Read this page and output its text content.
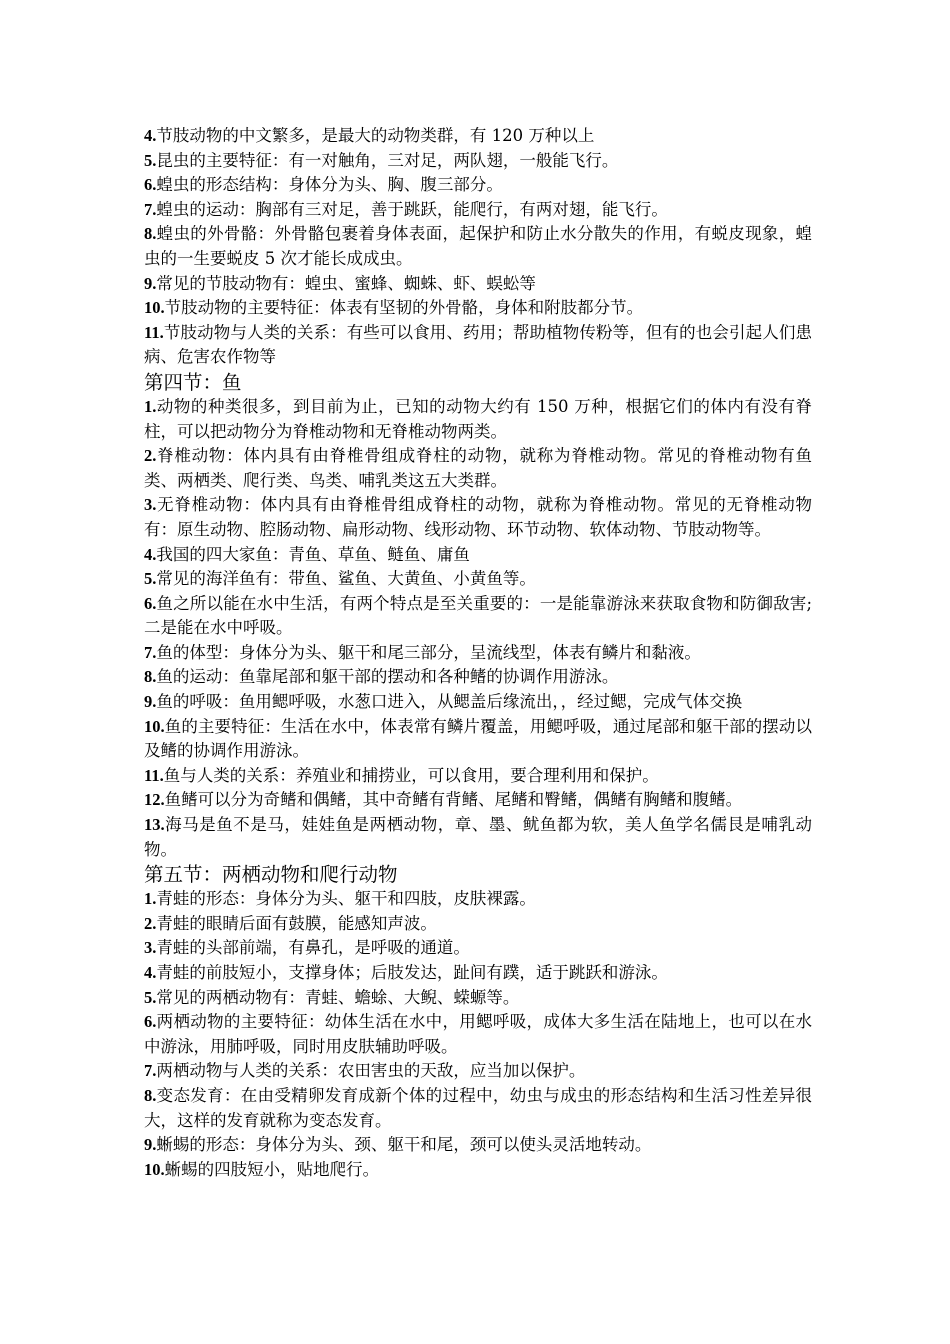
4.节肢动物的中文繁多，是最大的动物类群，有 120 万种以上

5.昆虫的主要特征：有一对触角，三对足，两队翅，一般能飞行。

6.蝗虫的形态结构：身体分为头、胸、腹三部分。

7.蝗虫的运动：胸部有三对足，善于跳跃，能爬行，有两对翅，能飞行。

8.蝗虫的外骨骼：外骨骼包裹着身体表面，起保护和防止水分散失的作用，有蜕皮现象，蝗虫的一生要蜕皮 5 次才能长成成虫。

9.常见的节肢动物有：蝗虫、蜜蜂、蜘蛛、虾、蜈蚣等

10.节肢动物的主要特征：体表有坚韧的外骨骼，身体和附肢都分节。

11.节肢动物与人类的关系：有些可以食用、药用；帮助植物传粉等，但有的也会引起人们患病、危害农作物等

第四节：鱼

1.动物的种类很多，到目前为止，已知的动物大约有 150 万种，根据它们的体内有没有脊柱，可以把动物分为脊椎动物和无脊椎动物两类。

2.脊椎动物：体内具有由脊椎骨组成脊柱的动物，就称为脊椎动物。常见的脊椎动物有鱼类、两栖类、爬行类、鸟类、哺乳类这五大类群。

3.无脊椎动物：体内具有由脊椎骨组成脊柱的动物，就称为脊椎动物。常见的无脊椎动物有：原生动物、腔肠动物、扁形动物、线形动物、环节动物、软体动物、节肢动物等。

4.我国的四大家鱼：青鱼、草鱼、鲢鱼、庸鱼

5.常见的海洋鱼有：带鱼、鲨鱼、大黄鱼、小黄鱼等。

6.鱼之所以能在水中生活，有两个特点是至关重要的：一是能靠游泳来获取食物和防御敌害;二是能在水中呼吸。

7.鱼的体型：身体分为头、躯干和尾三部分，呈流线型，体表有鳞片和黏液。

8.鱼的运动：鱼靠尾部和躯干部的摆动和各种鳍的协调作用游泳。

9.鱼的呼吸：鱼用鳃呼吸，水葱口进入，从鳃盖后缘流出，，经过鳃，完成气体交换

10.鱼的主要特征：生活在水中，体表常有鳞片覆盖，用鳃呼吸，通过尾部和躯干部的摆动以及鳍的协调作用游泳。

11.鱼与人类的关系：养殖业和捕捞业，可以食用，要合理利用和保护。

12.鱼鳍可以分为奇鳍和偶鳍，其中奇鳍有背鳍、尾鳍和臀鳍，偶鳍有胸鳍和腹鳍。

13.海马是鱼不是马，娃娃鱼是两栖动物，章、墨、鱿鱼都为软，美人鱼学名儒艮是哺乳动物。

第五节：两栖动物和爬行动物

1.青蛙的形态：身体分为头、躯干和四肢，皮肤裸露。

2.青蛙的眼睛后面有鼓膜，能感知声波。

3.青蛙的头部前端，有鼻孔，是呼吸的通道。

4.青蛙的前肢短小，支撑身体；后肢发达，趾间有蹼，适于跳跃和游泳。

5.常见的两栖动物有：青蛙、蟾蜍、大鲵、蝾螈等。

6.两栖动物的主要特征：幼体生活在水中，用鳃呼吸，成体大多生活在陆地上，也可以在水中游泳，用肺呼吸，同时用皮肤辅助呼吸。

7.两栖动物与人类的关系：农田害虫的天敌，应当加以保护。

8.变态发育：在由受精卵发育成新个体的过程中，幼虫与成虫的形态结构和生活习性差异很大，这样的发育就称为变态发育。

9.蜥蜴的形态：身体分为头、颈、躯干和尾，颈可以使头灵活地转动。

10.蜥蜴的四肢短小，贴地爬行。
